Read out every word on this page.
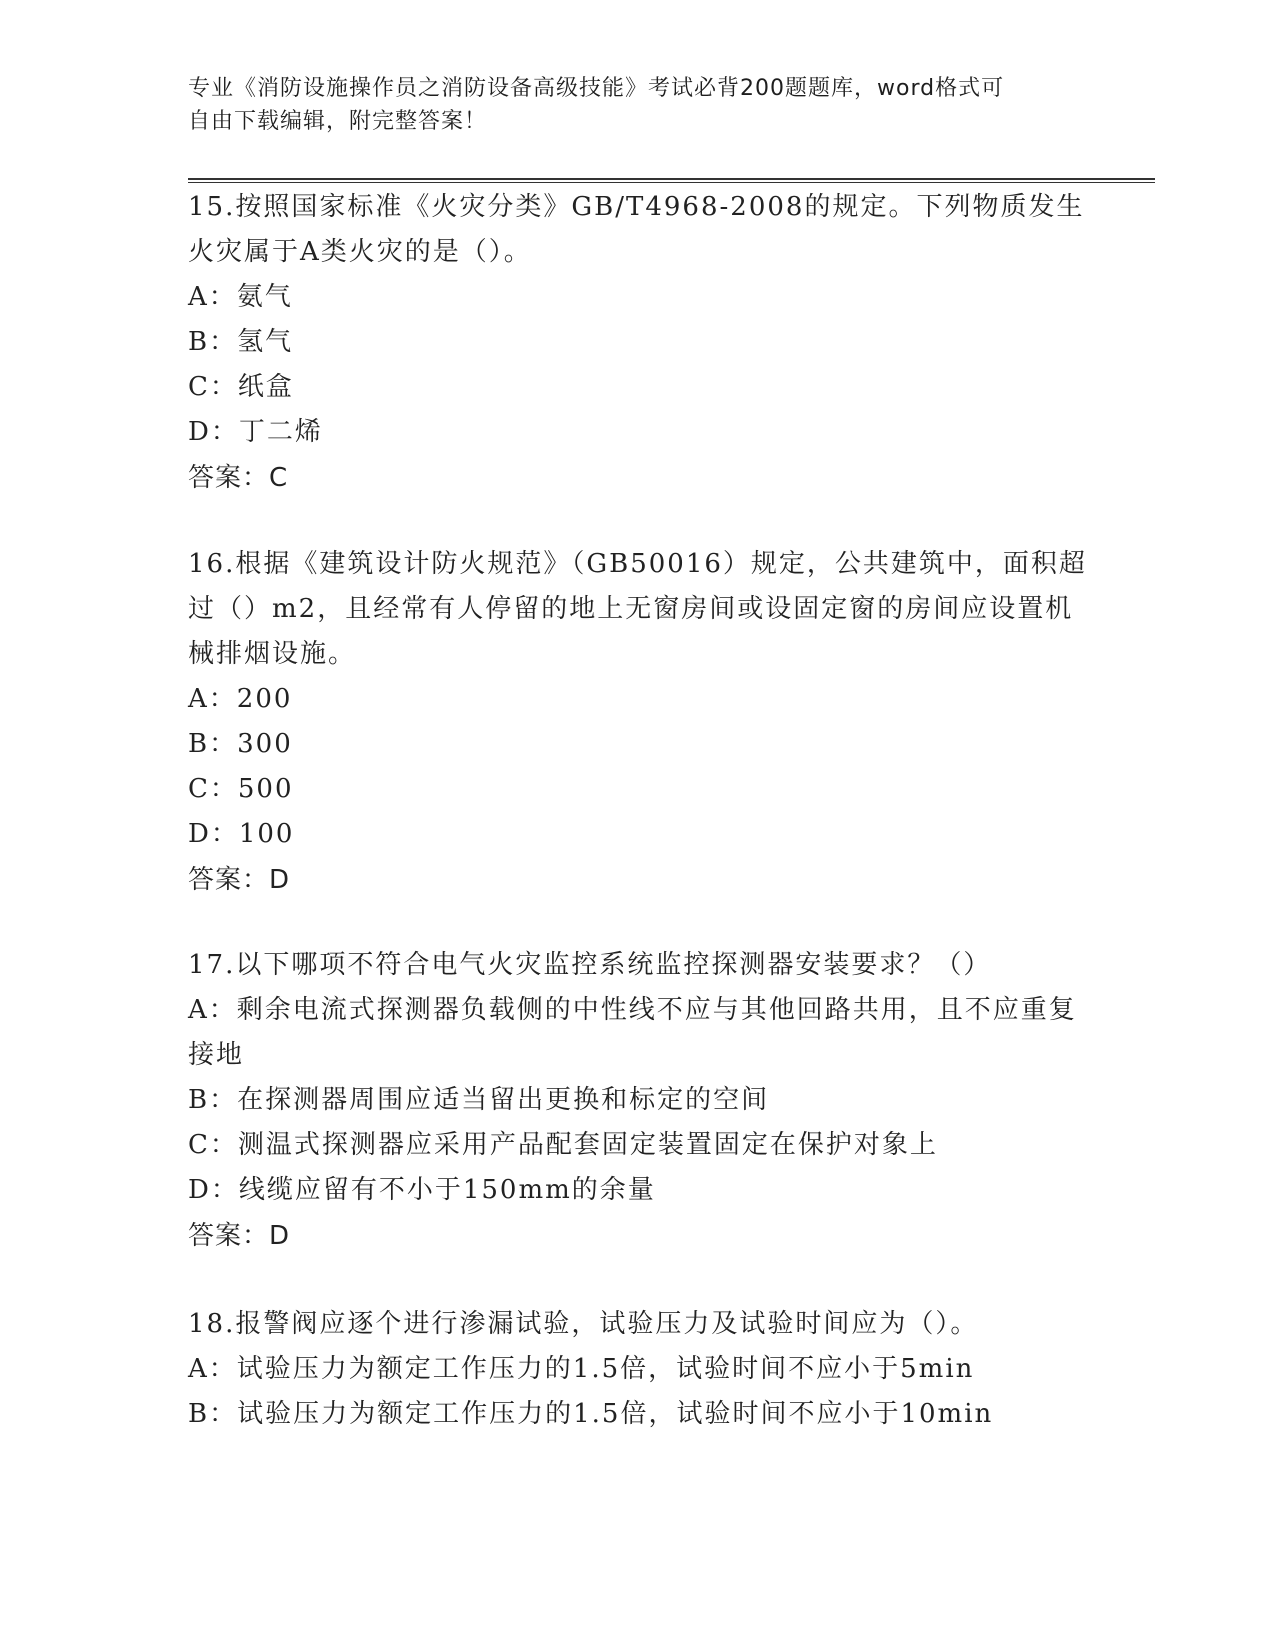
专业《消防设施操作员之消防设备高级技能》考试必背200题题库，word格式可
自由下载编辑，附完整答案！

15.按照国家标准《火灾分类》GB/T4968-2008的规定。下列物质发生火灾属于A类火灾的是（）。

A：氨气

B：氢气

C：纸盒

D：丁二烯

答案：C

16.根据《建筑设计防火规范》（GB50016）规定，公共建筑中，面积超过（）m2，且经常有人停留的地上无窗房间或设固定窗的房间应设置机械排烟设施。

A：200

B：300

C：500

D：100

答案：D

17.以下哪项不符合电气火灾监控系统监控探测器安装要求？（）

A：剩余电流式探测器负载侧的中性线不应与其他回路共用，且不应重复接地

B：在探测器周围应适当留出更换和标定的空间

C：测温式探测器应采用产品配套固定装置固定在保护对象上

D：线缆应留有不小于150mm的余量

答案：D

18.报警阀应逐个进行渗漏试验，试验压力及试验时间应为（）。

A：试验压力为额定工作压力的1.5倍，试验时间不应小于5min

B：试验压力为额定工作压力的1.5倍，试验时间不应小于10min
